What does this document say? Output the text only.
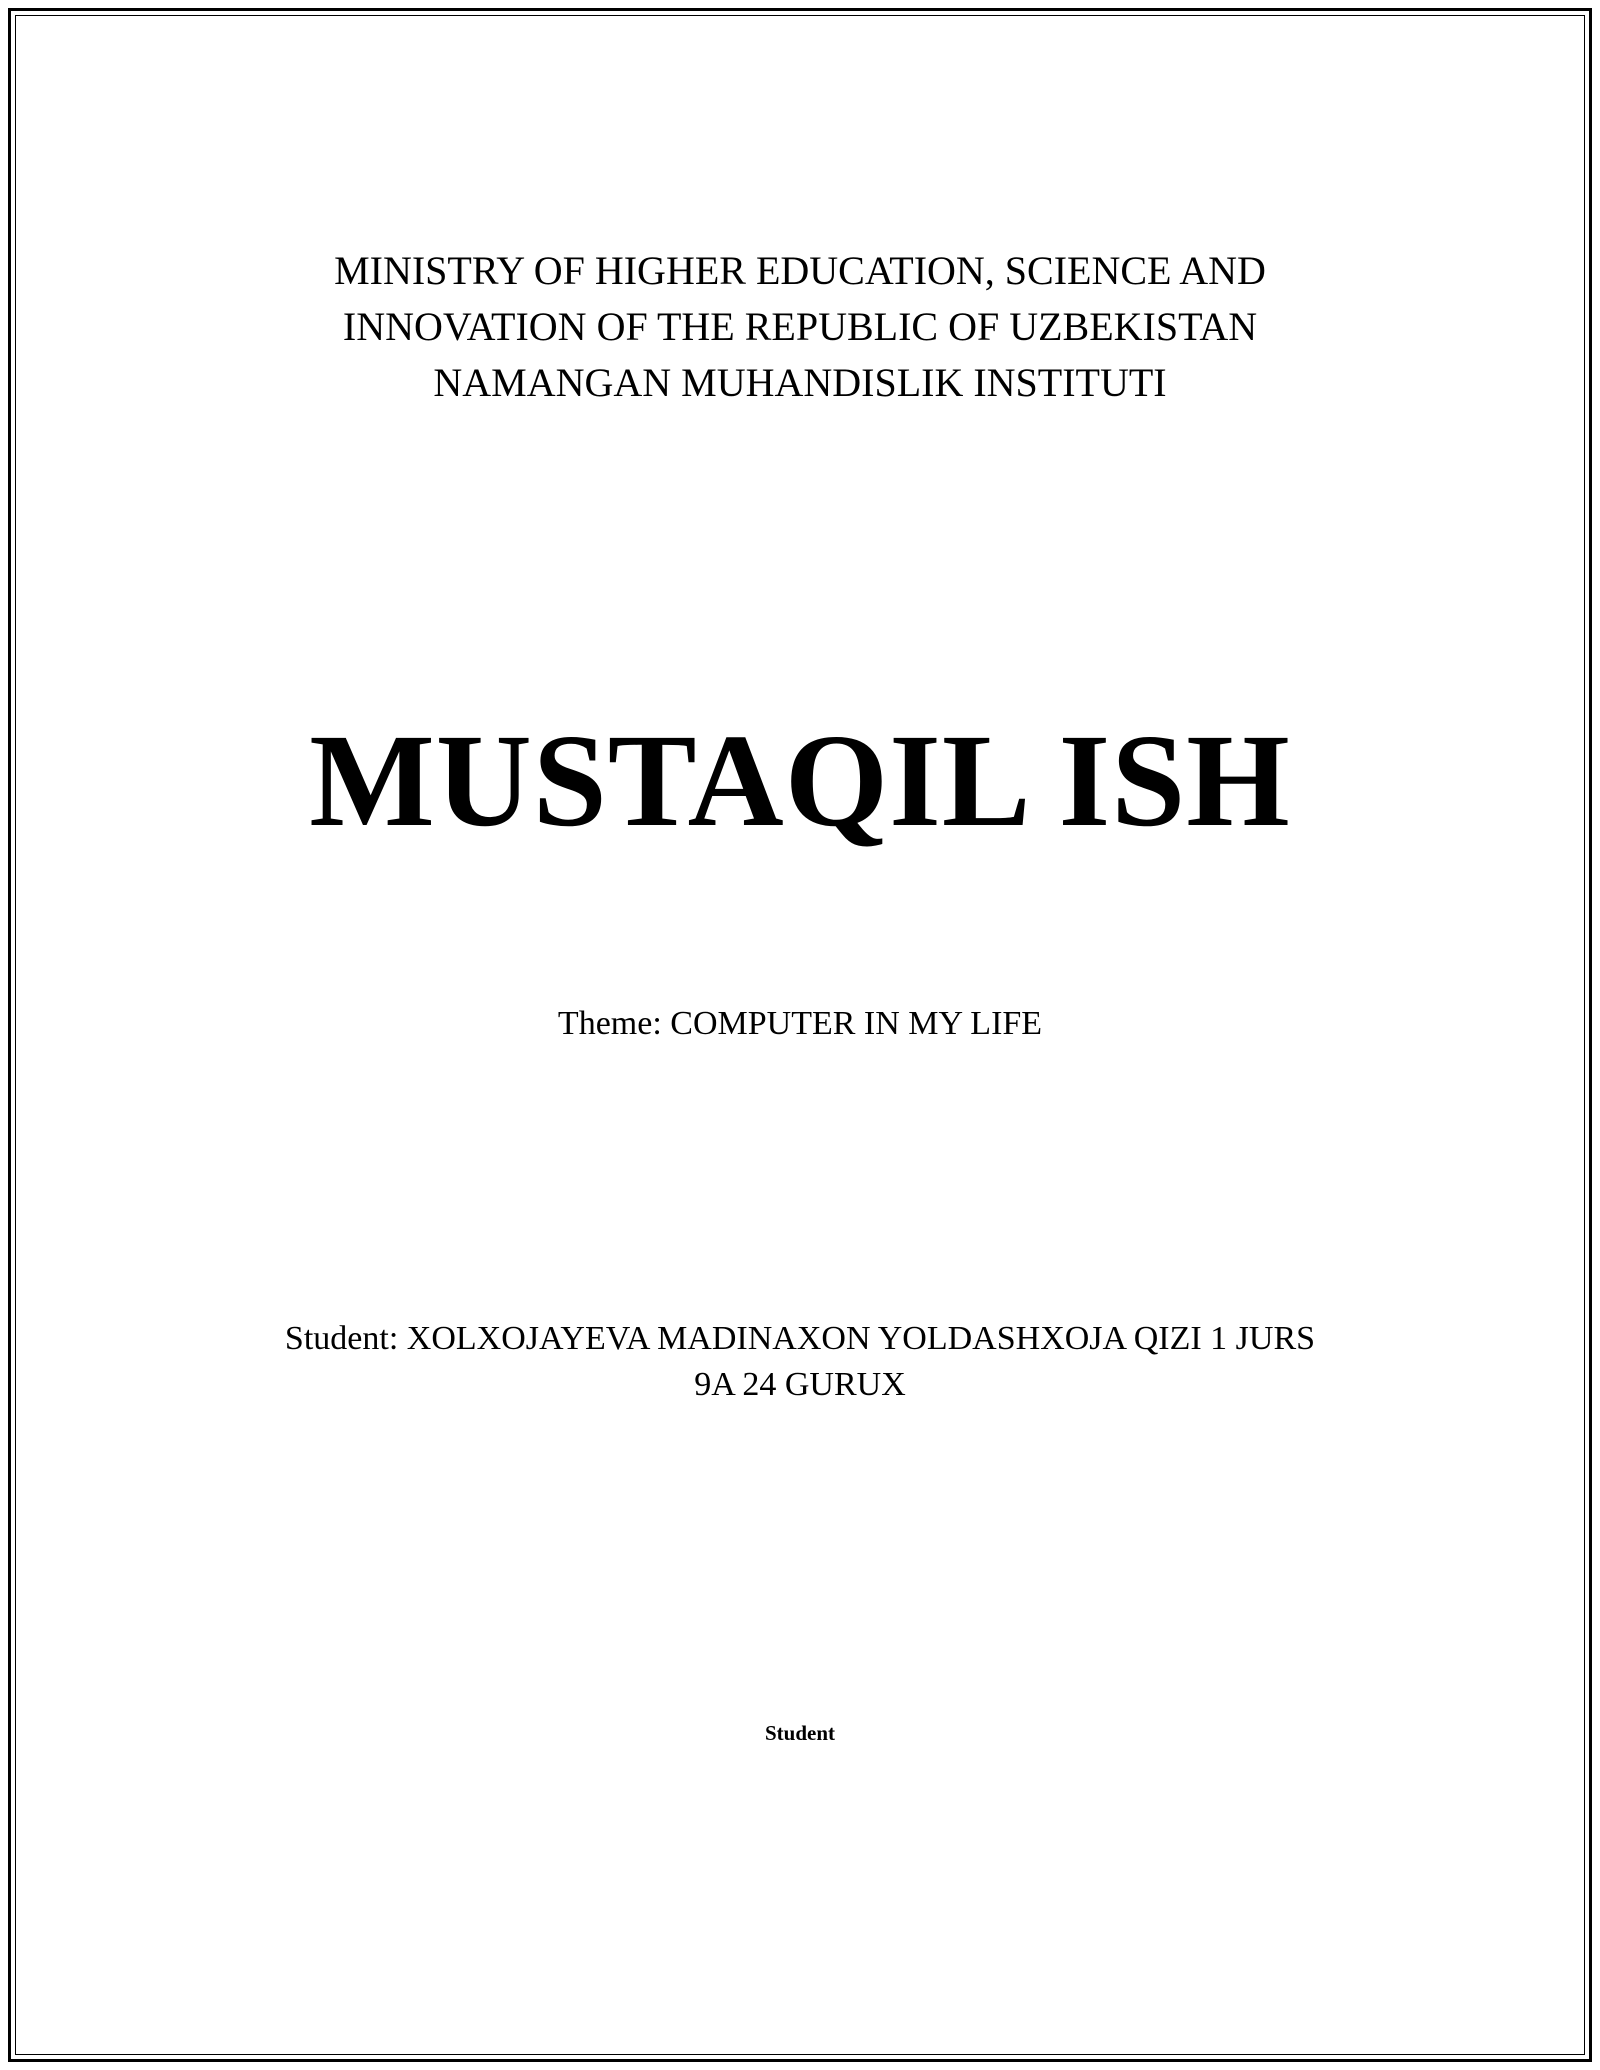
MINISTRY OF HIGHER EDUCATION, SCIENCE AND
INNOVATION OF THE REPUBLIC OF UZBEKISTAN
NAMANGAN MUHANDISLIK INSTITUTI
MUSTAQIL ISH
Theme: COMPUTER IN MY LIFE
Student: XOLXOJAYEVA MADINAXON YOLDASHXOJA QIZI 1 JURS
9A 24 GURUX
Student
